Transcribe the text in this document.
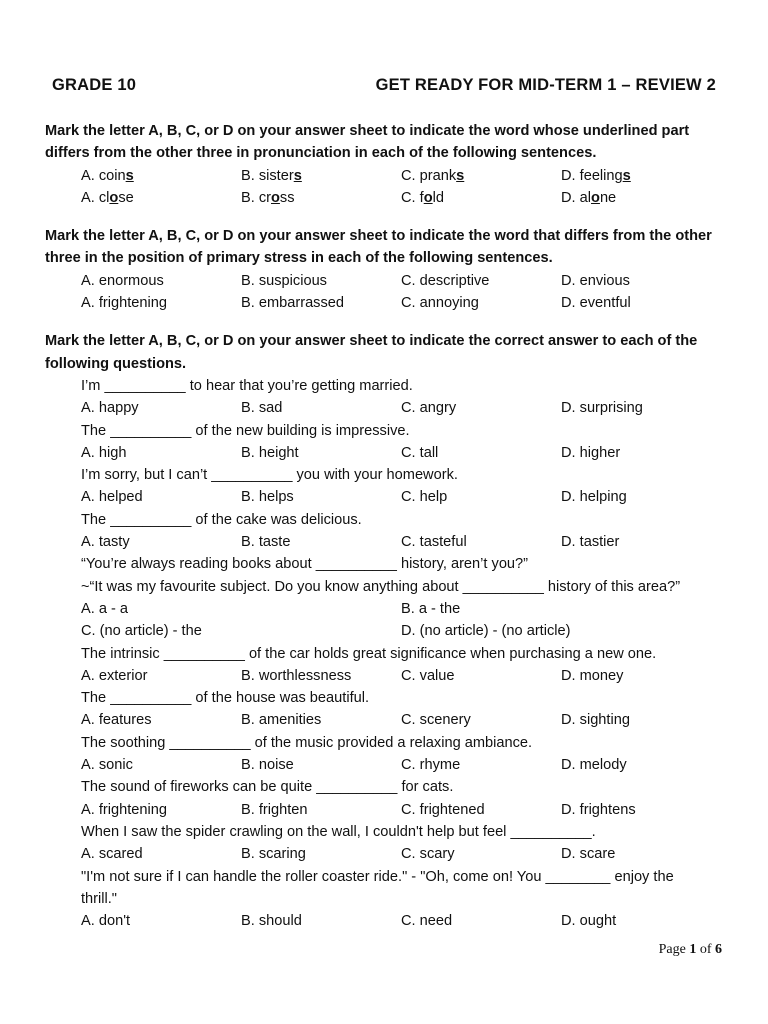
GRADE 10	GET READY FOR MID-TERM 1 – REVIEW 2

Mark the letter A, B, C, or D on your answer sheet to indicate the word whose underlined part differs from the other three in pronunciation in each of the following sentences.

A. coins	B. sisters	C. pranks	D. feelings
A. close	B. cross	C. fold	D. alone

Mark the letter A, B, C, or D on your answer sheet to indicate the word that differs from the other three in the position of primary stress in each of the following sentences.

A. enormous	B. suspicious	C. descriptive	D. envious
A. frightening	B. embarrassed	C. annoying	D. eventful

Mark the letter A, B, C, or D on your answer sheet to indicate the correct answer to each of the following questions.

I’m __________ to hear that you’re getting married.
A. happy	B. sad	C. angry	D. surprising
The __________ of the new building is impressive.
A. high	B. height	C. tall	D. higher
I’m sorry, but I can’t __________ you with your homework.
A. helped	B. helps	C. help	D. helping
The __________ of the cake was delicious.
A. tasty	B. taste	C. tasteful	D. tastier
“You’re always reading books about __________ history, aren’t you?”
~“It was my favourite subject. Do you know anything about __________ history of this area?”
A. a - a	B. a - the
C. (no article) - the	D. (no article) - (no article)
The intrinsic __________ of the car holds great significance when purchasing a new one.
A. exterior	B. worthlessness	C. value	D. money
The __________ of the house was beautiful.
A. features	B. amenities	C. scenery	D. sighting
The soothing __________ of the music provided a relaxing ambiance.
A. sonic	B. noise	C. rhyme	D. melody
The sound of fireworks can be quite __________ for cats.
A. frightening	B. frighten	C. frightened	D. frightens
When I saw the spider crawling on the wall, I couldn't help but feel __________.
A. scared	B. scaring	C. scary	D. scare
"I'm not sure if I can handle the roller coaster ride." - "Oh, come on! You ________ enjoy the
thrill."
A. don't	B. should	C. need	D. ought
Page 1 of 6
